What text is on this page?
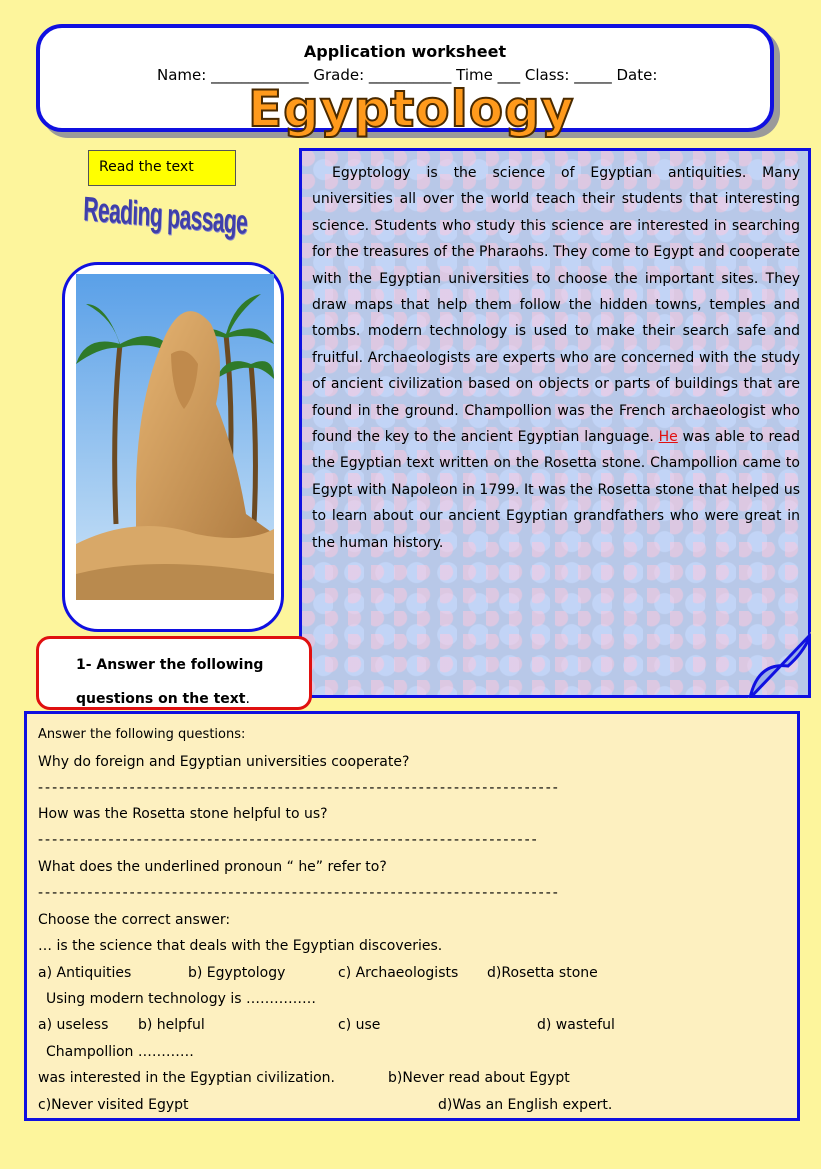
Application worksheet
Name: _____________ Grade: ___________ Time ___ Class: _____ Date:
Egyptology
Read the text
Reading passage
Egyptology is the science of Egyptian antiquities. Many universities all over the world teach their students that interesting science. Students who study this science are interested in searching for the treasures of the Pharaohs. They come to Egypt and cooperate with the Egyptian universities to choose the important sites. They draw maps that help them follow the hidden towns, temples and tombs. modern technology is used to make their search safe and fruitful. Archaeologists are experts who are concerned with the study of ancient civilization based on objects or parts of buildings that are found in the ground. Champollion was the French archaeologist who found the key to the ancient Egyptian language. He was able to read the Egyptian text written on the Rosetta stone. Champollion came to Egypt with Napoleon in 1799. It was the Rosetta stone that helped us to learn about our ancient Egyptian grandfathers who were great in the human history.
1- Answer the following
questions on the text.
Answer the following questions:
Why do foreign and Egyptian universities cooperate?
--------------------------------------------------------------------------
How was the Rosetta stone helpful to us?
-----------------------------------------------------------------------
What does the underlined pronoun “ he” refer to?
--------------------------------------------------------------------------
Choose the correct answer:
… is the science that deals with the Egyptian discoveries.
a) Antiquities	b) Egyptology	c) Archaeologists d)Rosetta stone
Using modern technology is ……………
a) useless b) helpful	c) use	d) wasteful
Champollion …………
was interested in the Egyptian civilization.	b)Never read about Egypt
c)Never visited Egypt	d)Was an English expert.
